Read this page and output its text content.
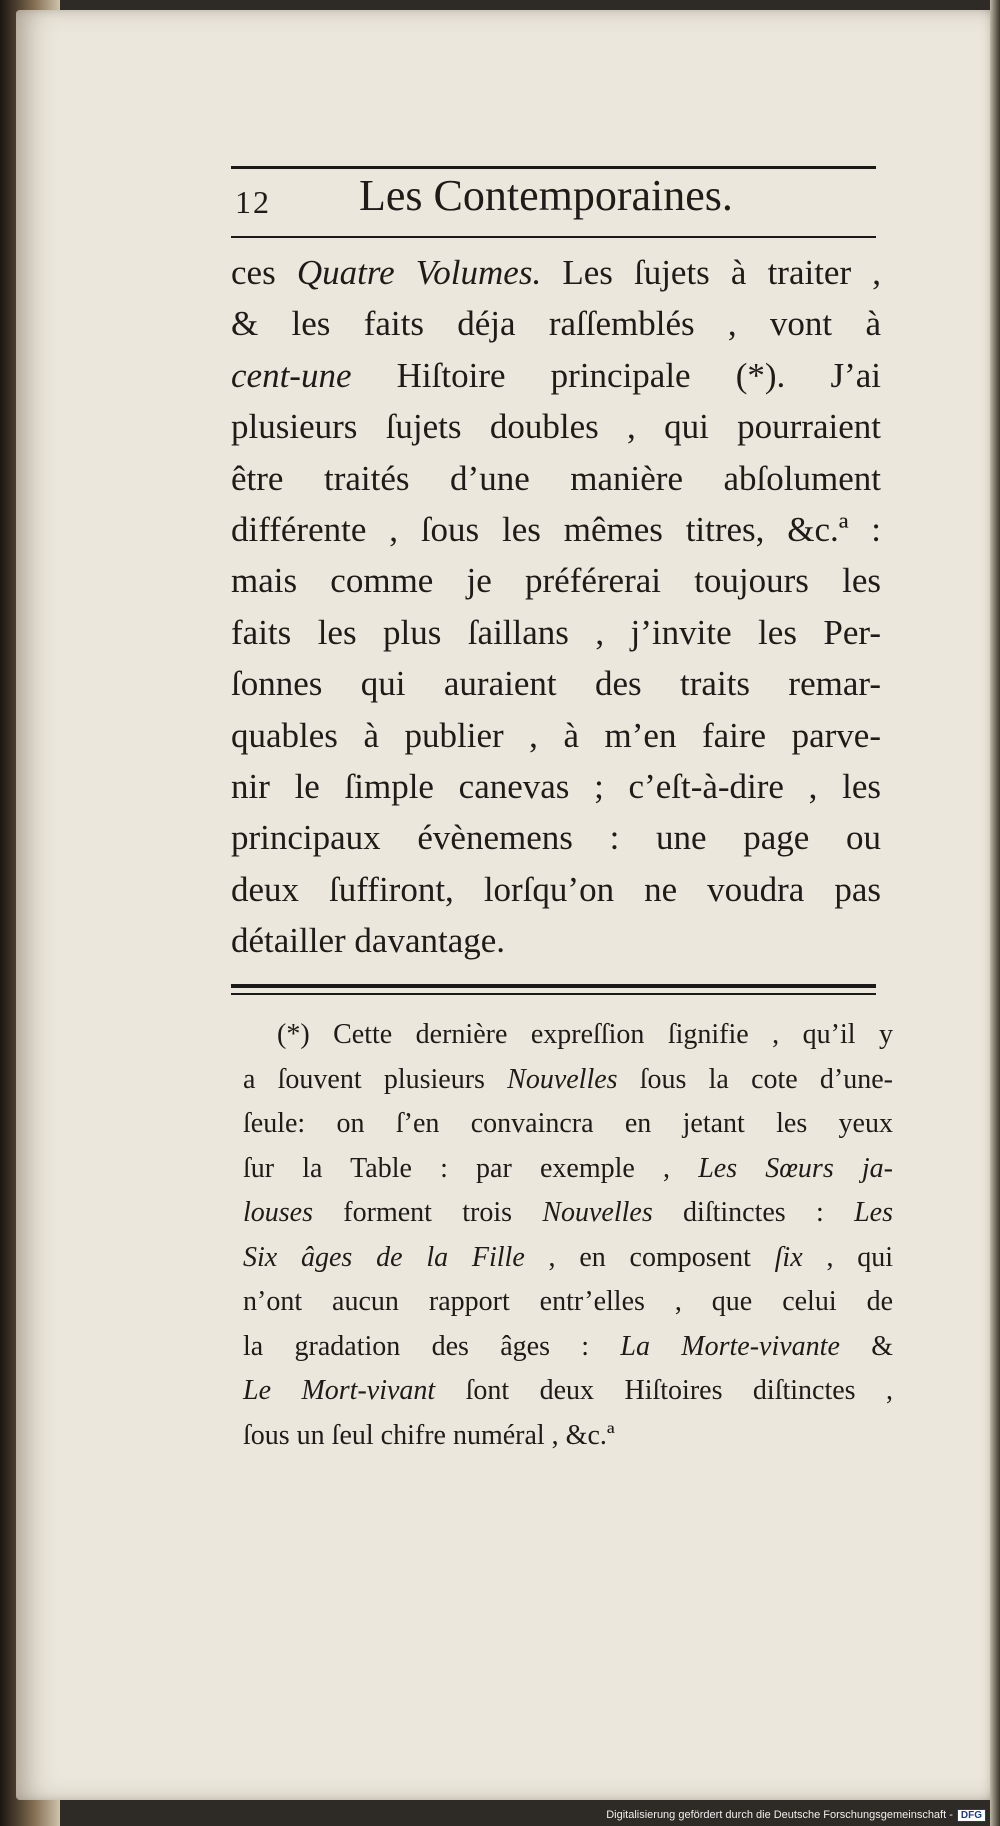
12 Les Contemporaines.
ces Quatre Volumes. Les ſujets à traiter ,
& les faits déja raſſemblés , vont à
cent-une Hiſtoire principale (*). J’ai
plusieurs ſujets doubles , qui pourraient
être traités d’une manière abſolument
différente , ſous les mêmes titres, &c.ª :
mais comme je préférerai toujours les
faits les plus ſaillans , j’invite les Per-
ſonnes qui auraient des traits remar-
quables à publier , à m’en faire parve-
nir le ſimple canevas ; c’eſt-à-dire , les
principaux évènemens : une page ou
deux ſuffiront, lorſqu’on ne voudra pas
détailler davantage.
(*) Cette dernière expreſſion ſignifie , qu’il y
a ſouvent plusieurs Nouvelles ſous la cote d’une-
ſeule: on ſ’en convaincra en jetant les yeux
ſur la Table : par exemple , Les Sœurs ja-
louses forment trois Nouvelles diſtinctes : Les
Six âges de la Fille , en composent ſix , qui
n’ont aucun rapport entr’elles , que celui de
la gradation des âges : La Morte-vivante &
Le Mort-vivant ſont deux Hiſtoires diſtinctes ,
ſous un ſeul chifre numéral , &c.ª
Digitalisierung gefördert durch die Deutsche Forschungsgemeinschaft - DFG
